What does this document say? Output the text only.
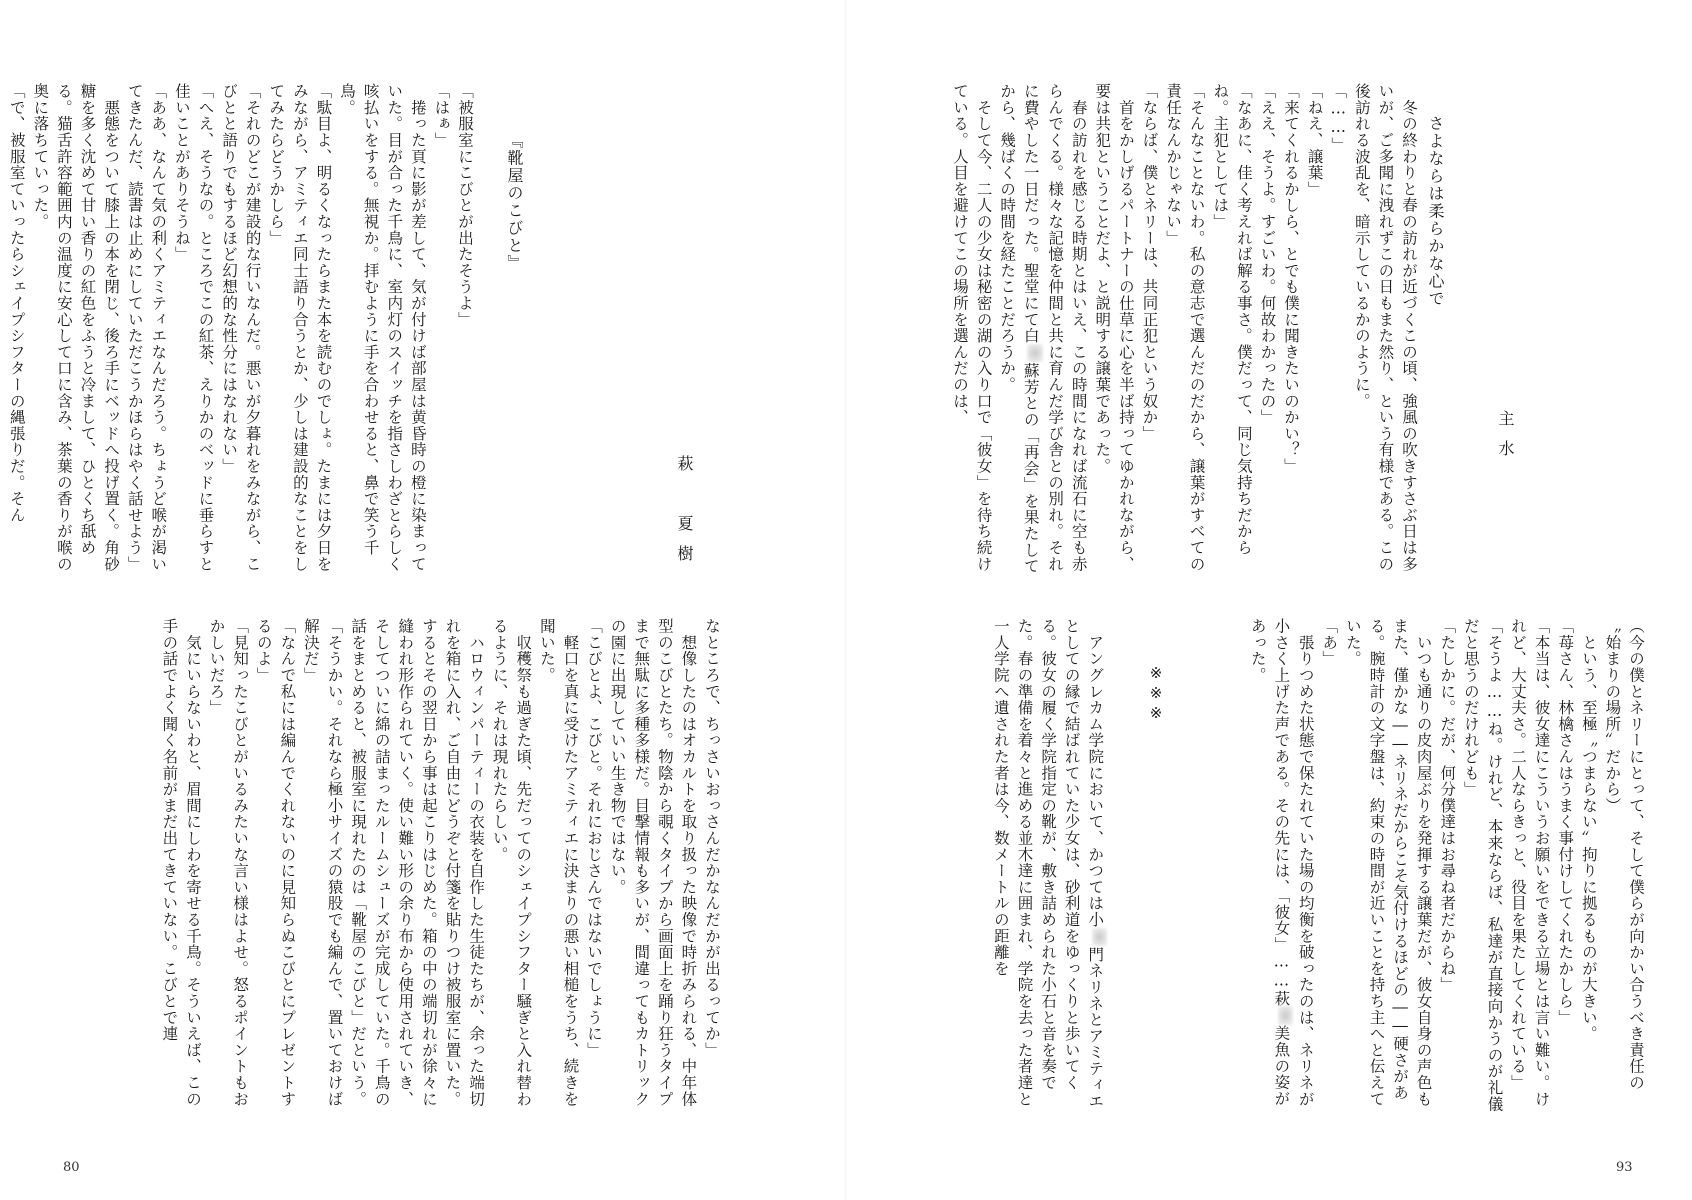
『靴屋のこびと』
萩　夏樹

「被服室にこびとが出たそうよ」

「はぁ」

　捲った頁に影が差して、気が付けば部屋は黄昏時の橙に染まっていた。目が合った千鳥に、室内灯のスイッチを指さしわざとらしく咳払いをする。無視か。拝むように手を合わせると、鼻で笑う千鳥。

「駄目よ、明るくなったらまた本を読むのでしょ。たまには夕日をみながら、アミティエ同士語り合うとか、少しは建設的なことをしてみたらどうかしら」

「それのどこが建設的な行いなんだ。悪いが夕暮れをみながら、こびとと語りでもするほど幻想的な性分にはなれない」

「へえ、そうなの。ところでこの紅茶、えりかのベッドに垂らすと佳いことがありそうね」

「ああ、なんて気の利くアミティエなんだろう。ちょうど喉が渇いてきたんだ、読書は止めにしていただこうかほらはやく話せよう」

　悪態をついて膝上の本を閉じ、後ろ手にベッドへ投げ置く。角砂糖を多く沈めて甘い香りの紅色をふうと冷まして、ひとくち舐める。猫舌許容範囲内の温度に安心して口に含み、茶葉の香りが喉の奥に落ちていった。

「で、被服室ていったらシェイプシフターの縄張りだ。そん

なところで、ちっさいおっさんだかなんだかが出るってか」

　想像したのはオカルトを取り扱った映像で時折みられる、中年体型のこびとたち。物陰から覗くタイプから画面上を踊り狂うタイプまで無駄に多種多様だ。目撃情報も多いが、間違ってもカトリックの園に出現していい生き物ではない。

「こびとよ、こびと。それにおじさんではないでしょうに」

　軽口を真に受けたアミティエに決まりの悪い相槌をうち、続きを聞いた。

　収穫祭も過ぎた頃、先だってのシェイプシフター騒ぎと入れ替わるように、それは現れたらしい。

　ハロウィンパーティーの衣装を自作した生徒たちが、余った端切れを箱に入れ、ご自由にどうぞと付箋を貼りつけ被服室に置いた。するとその翌日から事は起こりはじめた。箱の中の端切れが徐々に縫われ形作られていく。使い難い形の余り布から使用されていき、そしてついに綿の詰まったルームシューズが完成していた。千鳥の話をまとめると、被服室に現れたのは「靴屋のこびと」だという。

「そうかい。それなら極小サイズの猿股でも編んで、置いておけば解決だ」

「なんで私には編んでくれないのに見知らぬこびとにプレゼントするのよ」

「見知ったこびとがいるみたいな言い様はよせ。怒るポイントもおかしいだろ」

　気にいらないわと、眉間にしわを寄せる千鳥。そういえば、この手の話でよく聞く名前がまだ出てきていない。こびとで連

80
さよならは柔らかな心で
主水

　冬の終わりと春の訪れが近づくこの頃、強風の吹きすさぶ日は多いが、ご多聞に洩れずこの日もまた然り、という有様である。この後訪れる波乱を、暗示しているかのように。

「……」

「ねえ、譲葉」

「来てくれるかしら、とでも僕に聞きたいのかい？」

「ええ、そうよ。すごいわ。何故わかったの」

「なあに、佳く考えれば解る事さ。僕だって、同じ気持ちだからね。主犯としては」

「そんなことないわ。私の意志で選んだのだから、譲葉がすべての責任なんかじゃない」

「ならば、僕とネリーは、共同正犯という奴か」

　首をかしげるパートナーの仕草に心を半ば持ってゆかれながら、要は共犯ということだよ、と説明する譲葉であった。

　春の訪れを感じる時期とはいえ、この時間になれば流石に空も赤らんでくる。様々な記憶を仲間と共に育んだ学び舎との別れ。それに費やした一日だった。聖堂にて白蘇芳との「再会」を果たしてから、幾ばくの時間を経たことだろうか。

　そして今、二人の少女は秘密の湖の入り口で「彼女」を待ち続けている。人目を避けてこの場所を選んだのは、

（今の僕とネリーにとって、そして僕らが向かい合うべき責任の〝始まりの場所〟だから）

　という、至極〝つまらない〟拘りに拠るものが大きい。

「苺さん、林檎さんはうまく事付けしてくれたかしら」

「本当は、彼女達にこういうお願いをできる立場とは言い難い。けれど、大丈夫さ。二人ならきっと、役目を果たしてくれている」

「そうよ……ね。けれど、本来ならば、私達が直接向かうのが礼儀だと思うのだけれども」

「たしかに。だが、何分僕達はお尋ね者だからね」

　いつも通りの皮肉屋ぶりを発揮する譲葉だが、彼女自身の声色もまた、僅かな――ネリネだからこそ気付けるほどの――硬さがある。腕時計の文字盤は、約束の時間が近いことを持ち主へと伝えていた。

「あ」

　張りつめた状態で保たれていた場の均衡を破ったのは、ネリネが小さく上げた声である。その先には、「彼女」……萩美魚の姿があった。

※※※

　アングレカム学院において、かつては小門ネリネとアミティエとしての縁で結ばれていた少女は、砂利道をゆっくりと歩いてくる。彼女の履く学院指定の靴が、敷き詰められた小石と音を奏でた。春の準備を着々と進める並木達に囲まれ、学院を去った者達と一人学院へ遺された者は今、数メートルの距離を

93
